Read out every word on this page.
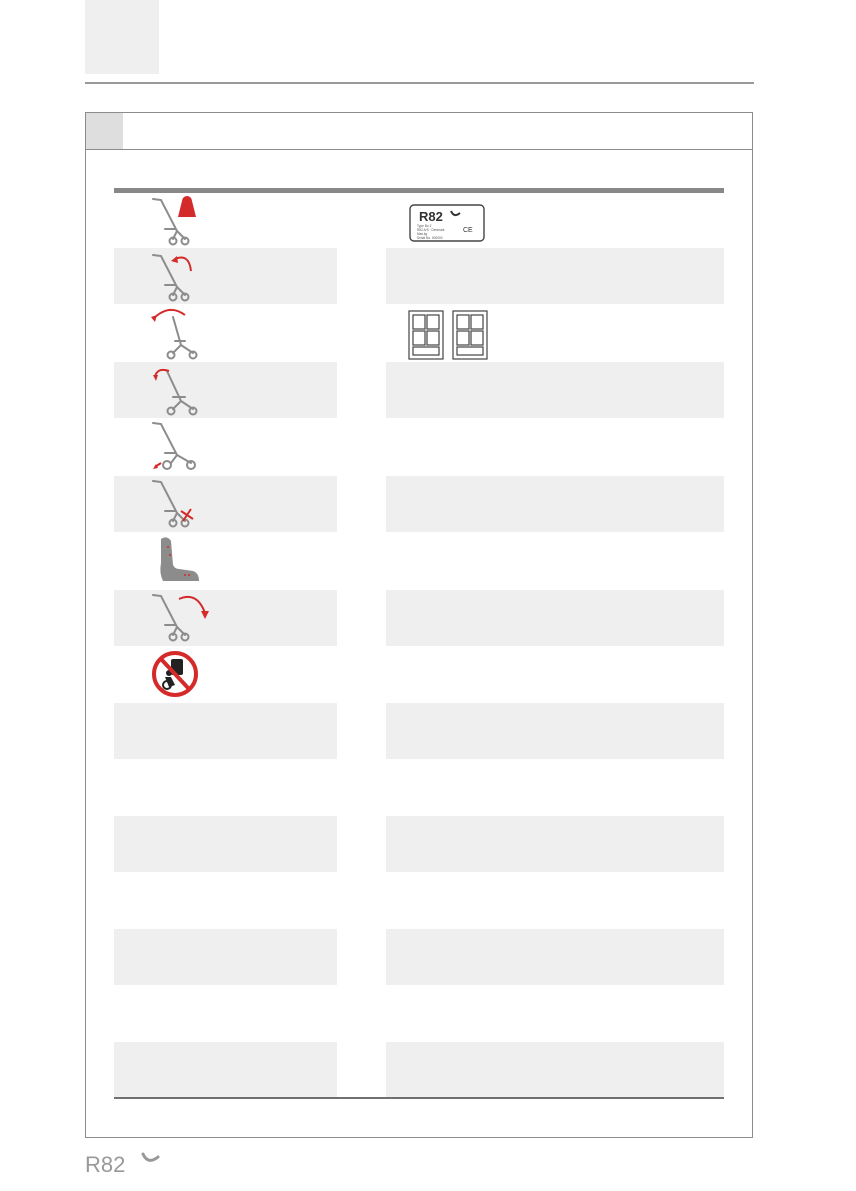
R82
CE
Type Bo 2
R82 A/S · Denmark
Max.kg
Serial No. 000000
R82
